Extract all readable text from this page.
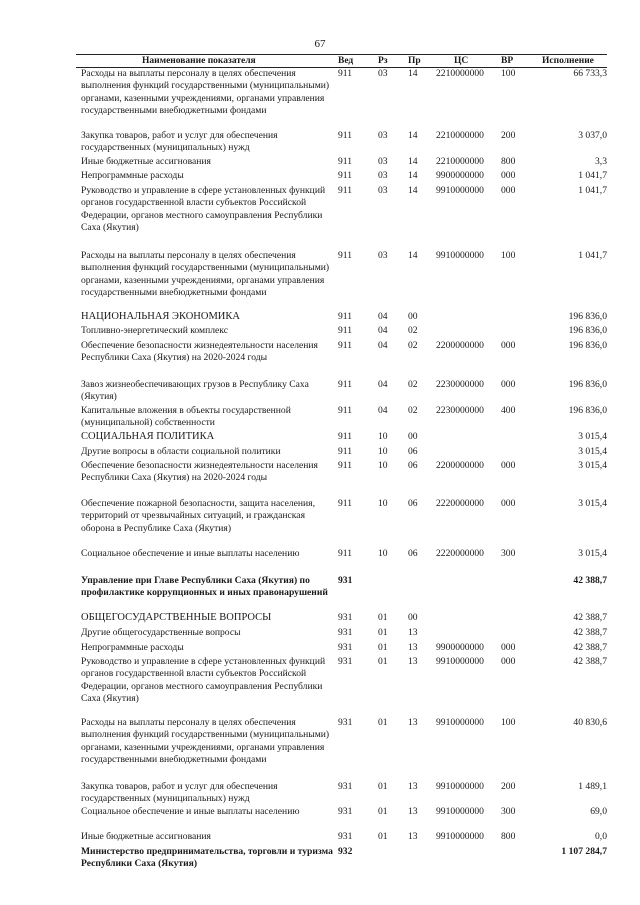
67
Наименование показателя	Вед	Рз Пр	ЦС	ВР	Исполнение
Расходы на выплаты персоналу в целях обеспечения выполнения функций государственными (муниципальными) органами, казенными учреждениями, органами управления государственными внебюджетными фондами
911	03 14 2210000000 100	66 733,3
Закупка товаров, работ и услуг для обеспечения государственных (муниципальных) нужд
911	03 14 2210000000 200	3 037,0
Иные бюджетные ассигнования	911	03 14 2210000000 800	3,3
Непрограммные расходы	911	03 14 9900000000 000	1 041,7
Руководство и управление в сфере установленных функций органов государственной власти субъектов Российской Федерации, органов местного самоуправления Республики Саха (Якутия)
911	03 14 9910000000 000	1 041,7
Расходы на выплаты персоналу в целях обеспечения выполнения функций государственными (муниципальными) органами, казенными учреждениями, органами управления государственными внебюджетными фондами
911	03 14 9910000000 100	1 041,7
НАЦИОНАЛЬНАЯ ЭКОНОМИКА	911	04 00	196 836,0
Топливно-энергетический комплекс	911	04 02	196 836,0
Обеспечение безопасности жизнедеятельности населения Республики Саха (Якутия) на 2020-2024 годы
911	04 02 2200000000 000	196 836,0
Завоз жизнеобеспечивающих грузов в Республику Саха (Якутия)
911	04 02 2230000000 000	196 836,0
Капитальные вложения в объекты государственной (муниципальной) собственности
911	04 02 2230000000 400	196 836,0
СОЦИАЛЬНАЯ ПОЛИТИКА	911	10 00	3 015,4
Другие вопросы в области социальной политики	911	10 06	3 015,4
Обеспечение безопасности жизнедеятельности населения Республики Саха (Якутия) на 2020-2024 годы
911	10 06 2200000000 000	3 015,4
Обеспечение пожарной безопасности, защита населения, территорий от чрезвычайных ситуаций, и гражданская оборона в Республике Саха (Якутия)
911	10 06 2220000000 000	3 015,4
Социальное обеспечение и иные выплаты населению	911	10 06 2220000000 300	3 015,4
Управление при Главе Республики Саха (Якутия) по профилактике коррупционных и иных правонарушений
931	42 388,7
ОБЩЕГОСУДАРСТВЕННЫЕ ВОПРОСЫ	931	01 00	42 388,7
Другие общегосударственные вопросы	931	01 13	42 388,7
Непрограммные расходы	931	01 13 9900000000 000	42 388,7
Руководство и управление в сфере установленных функций органов государственной власти субъектов Российской Федерации, органов местного самоуправления Республики Саха (Якутия)
931	01 13 9910000000 000	42 388,7
Расходы на выплаты персоналу в целях обеспечения выполнения функций государственными (муниципальными) органами, казенными учреждениями, органами управления государственными внебюджетными фондами
931	01 13 9910000000 100	40 830,6
Закупка товаров, работ и услуг для обеспечения государственных (муниципальных) нужд
931	01 13 9910000000 200	1 489,1
Социальное обеспечение и иные выплаты населению	931	01 13 9910000000 300	69,0
Иные бюджетные ассигнования	931	01 13 9910000000 800	0,0
Министерство предпринимательства, торговли и туризма Республики Саха (Якутия)
932	1 107 284,7
